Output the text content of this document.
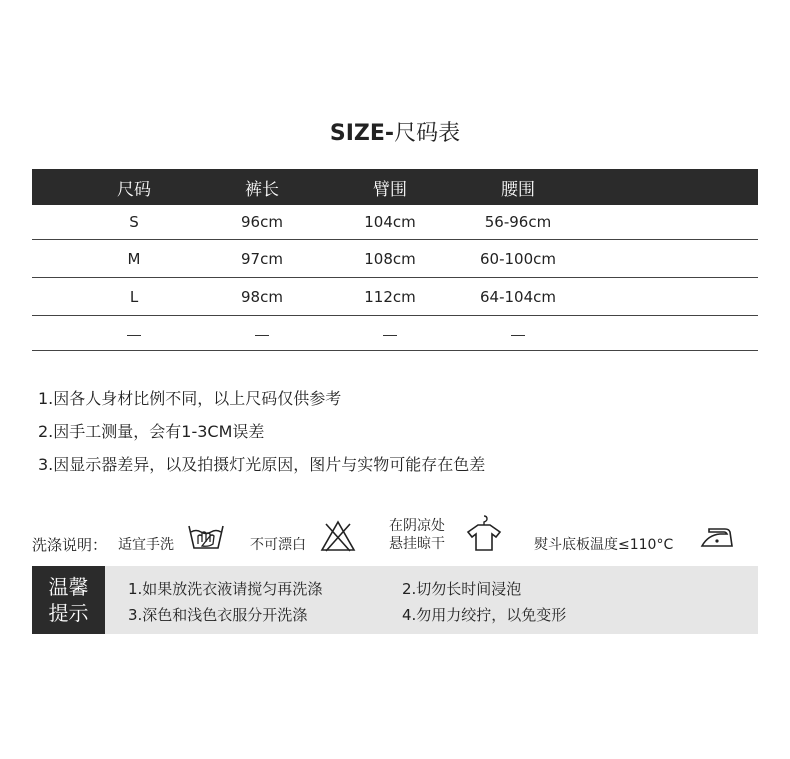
SIZE-尺码表
尺码	裤长	臂围	腰围
S	96cm	104cm	56-96cm
M	97cm	108cm	60-100cm
L	98cm	112cm	64-104cm
1.因各人身材比例不同，以上尺码仅供参考
2.因手工测量，会有1-3CM误差
3.因显示器差异，以及拍摄灯光原因，图片与实物可能存在色差
洗涤说明： 适宜手洗	不可漂白
在阴凉处
悬挂晾干	熨斗底板温度≤110°C
温馨
提示
1.如果放洗衣液请搅匀再洗涤	2.切勿长时间浸泡
3.深色和浅色衣服分开洗涤	4.勿用力绞拧，以免变形
